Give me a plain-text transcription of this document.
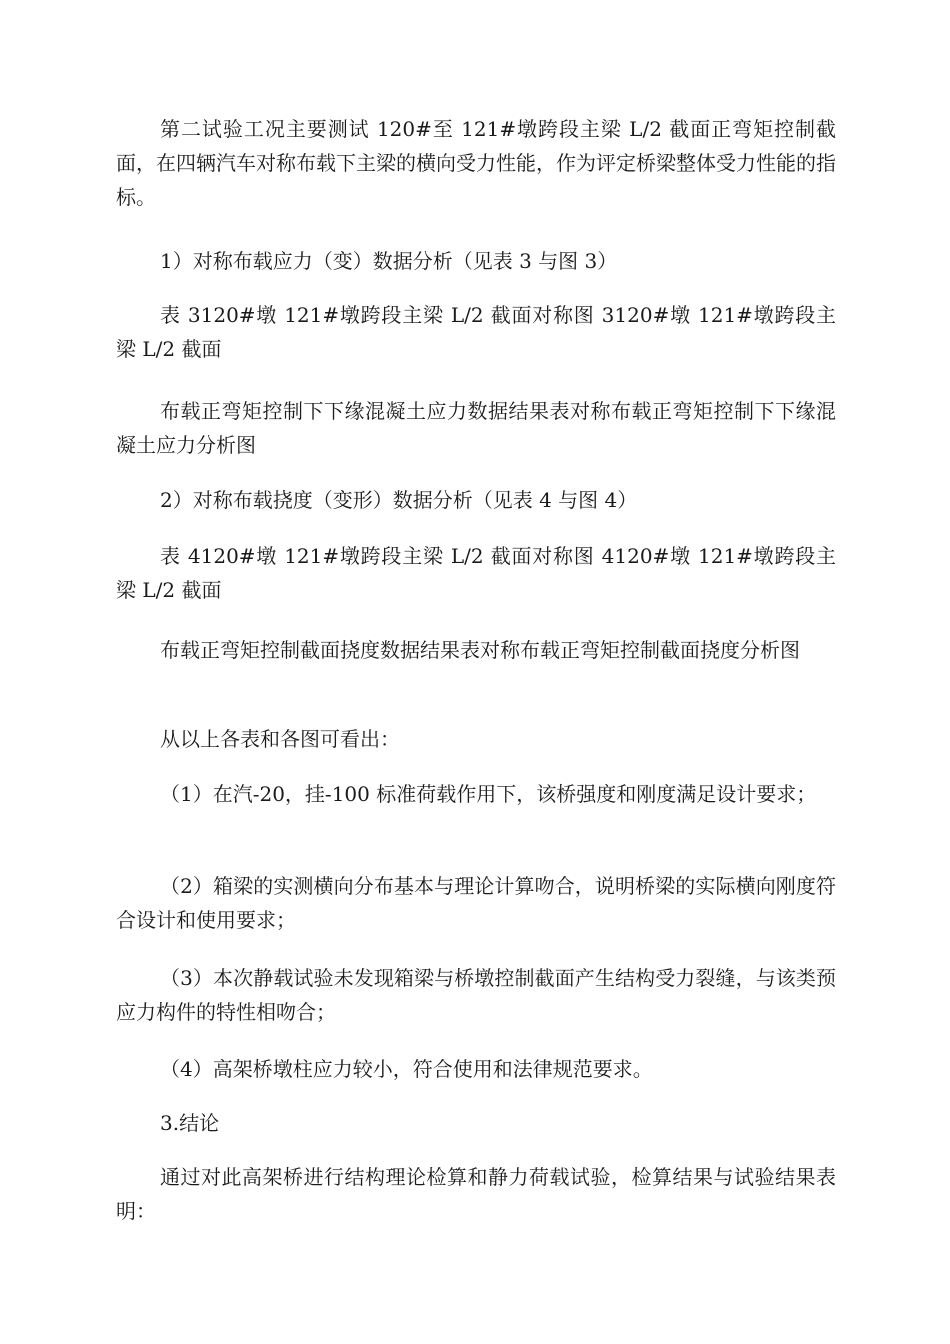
第二试验工况主要测试 120#至 121#墩跨段主梁 L/2 截面正弯矩控制截面，在四辆汽车对称布载下主梁的横向受力性能，作为评定桥梁整体受力性能的指标。

1）对称布载应力（变）数据分析（见表 3 与图 3）

表 3120#墩 121#墩跨段主梁 L/2 截面对称图 3120#墩 121#墩跨段主梁 L/2 截面

布载正弯矩控制下下缘混凝土应力数据结果表对称布载正弯矩控制下下缘混凝土应力分析图

2）对称布载挠度（变形）数据分析（见表 4 与图 4）

表 4120#墩 121#墩跨段主梁 L/2 截面对称图 4120#墩 121#墩跨段主梁 L/2 截面

布载正弯矩控制截面挠度数据结果表对称布载正弯矩控制截面挠度分析图

从以上各表和各图可看出：

（1）在汽-20，挂-100 标准荷载作用下，该桥强度和刚度满足设计要求；

（2）箱梁的实测横向分布基本与理论计算吻合，说明桥梁的实际横向刚度符合设计和使用要求；

（3）本次静载试验未发现箱梁与桥墩控制截面产生结构受力裂缝，与该类预应力构件的特性相吻合；

（4）高架桥墩柱应力较小，符合使用和法律规范要求。

3.结论

通过对此高架桥进行结构理论检算和静力荷载试验，检算结果与试验结果表明：
